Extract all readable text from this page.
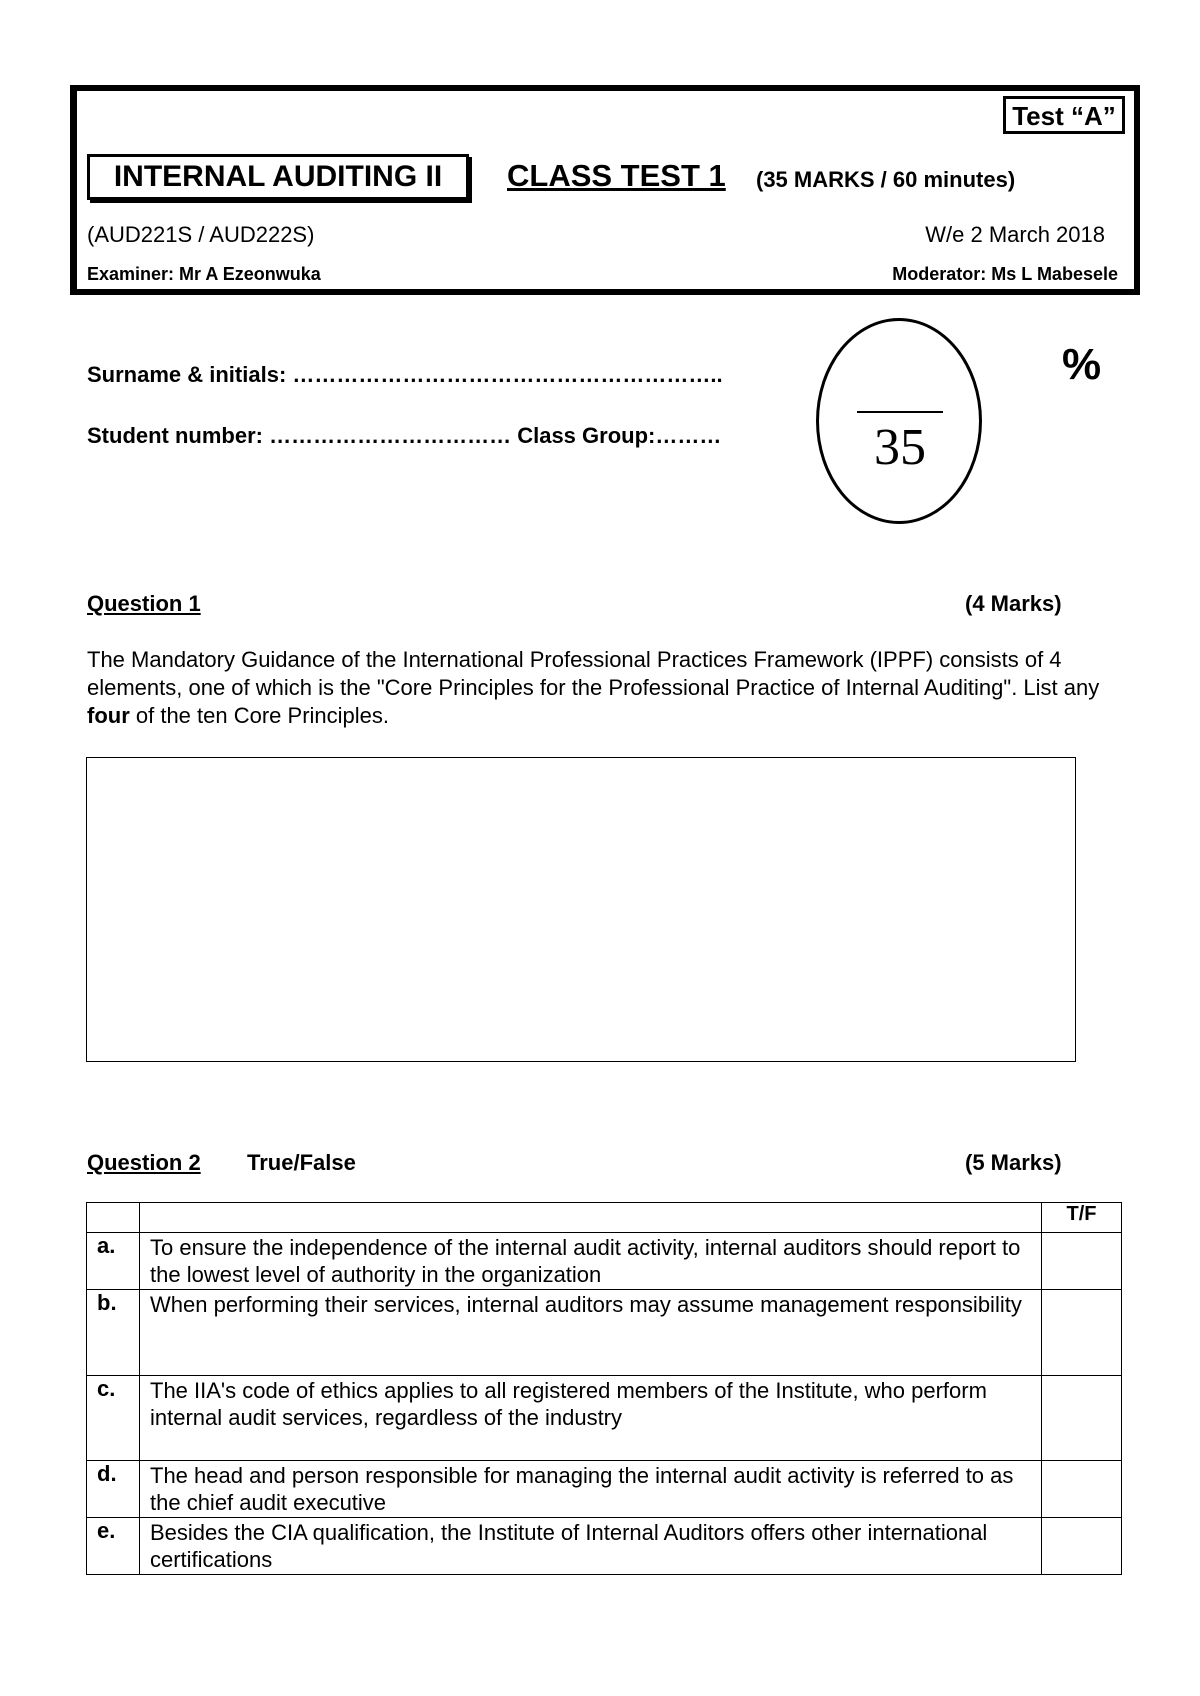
Test “A”
INTERNAL AUDITING II	CLASS TEST 1 (35 MARKS / 60 minutes)
(AUD221S / AUD222S)	W/e 2 March 2018
Examiner: Mr A Ezeonwuka	Moderator: Ms L Mabesele
Surname & initials: …………………………………………………..
Student number: …………………………… Class Group:………	35
%
Question 1	(4 Marks)
The Mandatory Guidance of the International Professional Practices Framework (IPPF) consists of 4 elements, one of which is the "Core Principles for the Professional Practice of Internal Auditing". List any four of the ten Core Principles.
Question 2 True/False	(5 Marks)
		T/F
a.	To ensure the independence of the internal audit activity, internal auditors should report to the lowest level of authority in the organization	
b.	When performing their services, internal auditors may assume management responsibility	
c.	The IIA's code of ethics applies to all registered members of the Institute, who perform internal audit services, regardless of the industry	
d.	The head and person responsible for managing the internal audit activity is referred to as the chief audit executive	
e.	Besides the CIA qualification, the Institute of Internal Auditors offers other international certifications	
